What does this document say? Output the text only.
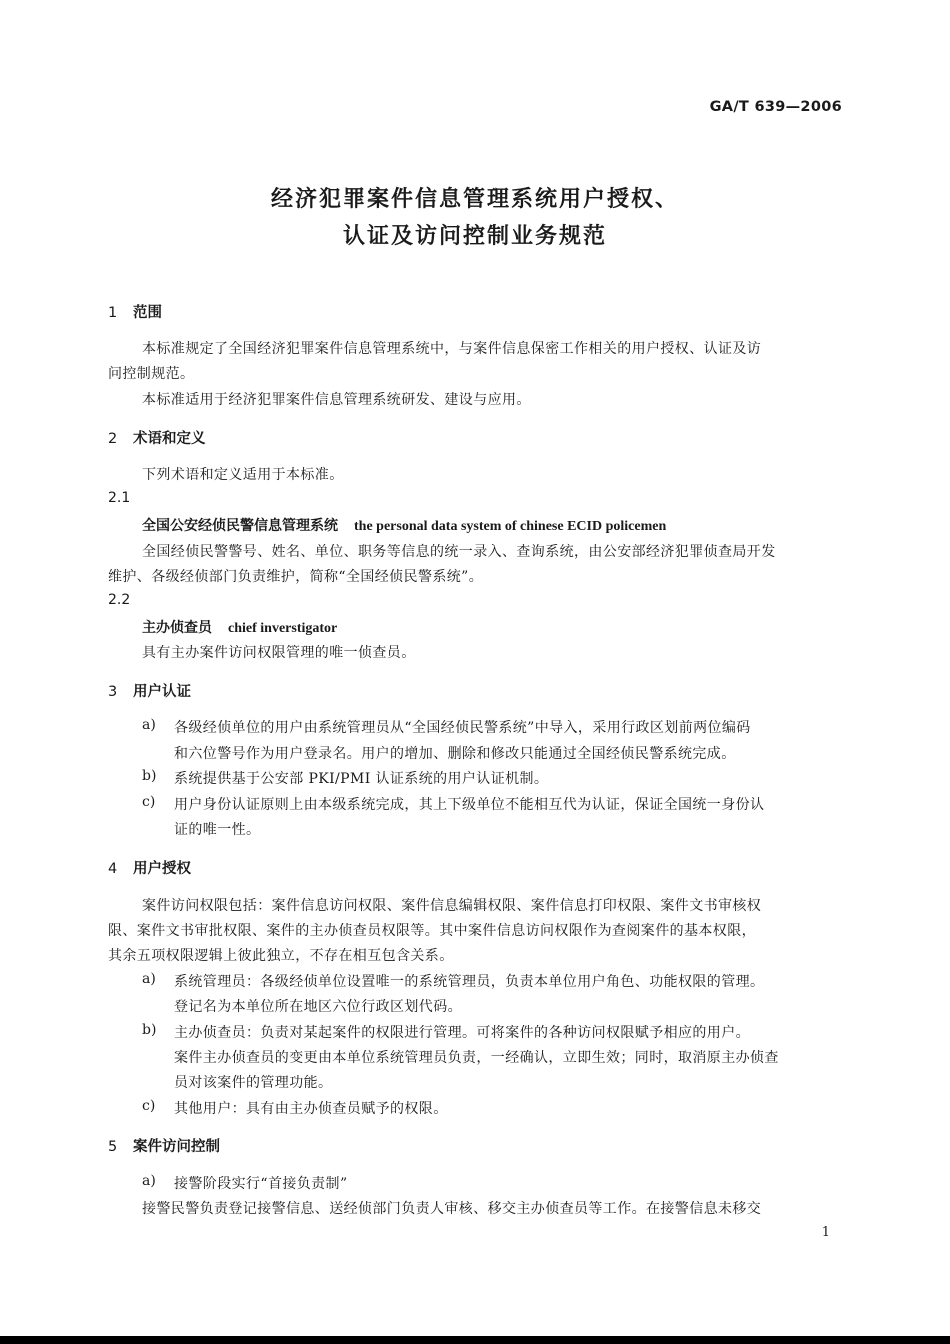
GA/T 639—2006
经济犯罪案件信息管理系统用户授权、
认证及访问控制业务规范
1 范围
本标准规定了全国经济犯罪案件信息管理系统中，与案件信息保密工作相关的用户授权、认证及访
问控制规范。
本标准适用于经济犯罪案件信息管理系统研发、建设与应用。
2 术语和定义
下列术语和定义适用于本标准。
2.1
全国公安经侦民警信息管理系统 the personal data system of chinese ECID policemen
全国经侦民警警号、姓名、单位、职务等信息的统一录入、查询系统，由公安部经济犯罪侦查局开发
维护、各级经侦部门负责维护，简称“全国经侦民警系统”。
2.2
主办侦查员 chief inverstigator
具有主办案件访问权限管理的唯一侦查员。
3 用户认证
a) 各级经侦单位的用户由系统管理员从“全国经侦民警系统”中导入，采用行政区划前两位编码
和六位警号作为用户登录名。用户的增加、删除和修改只能通过全国经侦民警系统完成。
b) 系统提供基于公安部 PKI/PMI 认证系统的用户认证机制。
c) 用户身份认证原则上由本级系统完成，其上下级单位不能相互代为认证，保证全国统一身份认
证的唯一性。
4 用户授权
案件访问权限包括：案件信息访问权限、案件信息编辑权限、案件信息打印权限、案件文书审核权
限、案件文书审批权限、案件的主办侦查员权限等。其中案件信息访问权限作为查阅案件的基本权限，
其余五项权限逻辑上彼此独立，不存在相互包含关系。
a) 系统管理员：各级经侦单位设置唯一的系统管理员，负责本单位用户角色、功能权限的管理。
登记名为本单位所在地区六位行政区划代码。
b) 主办侦查员：负责对某起案件的权限进行管理。可将案件的各种访问权限赋予相应的用户。
案件主办侦查员的变更由本单位系统管理员负责，一经确认，立即生效；同时，取消原主办侦查
员对该案件的管理功能。
c) 其他用户：具有由主办侦查员赋予的权限。
5 案件访问控制
a) 接警阶段实行“首接负责制”
接警民警负责登记接警信息、送经侦部门负责人审核、移交主办侦查员等工作。在接警信息未移交
1
